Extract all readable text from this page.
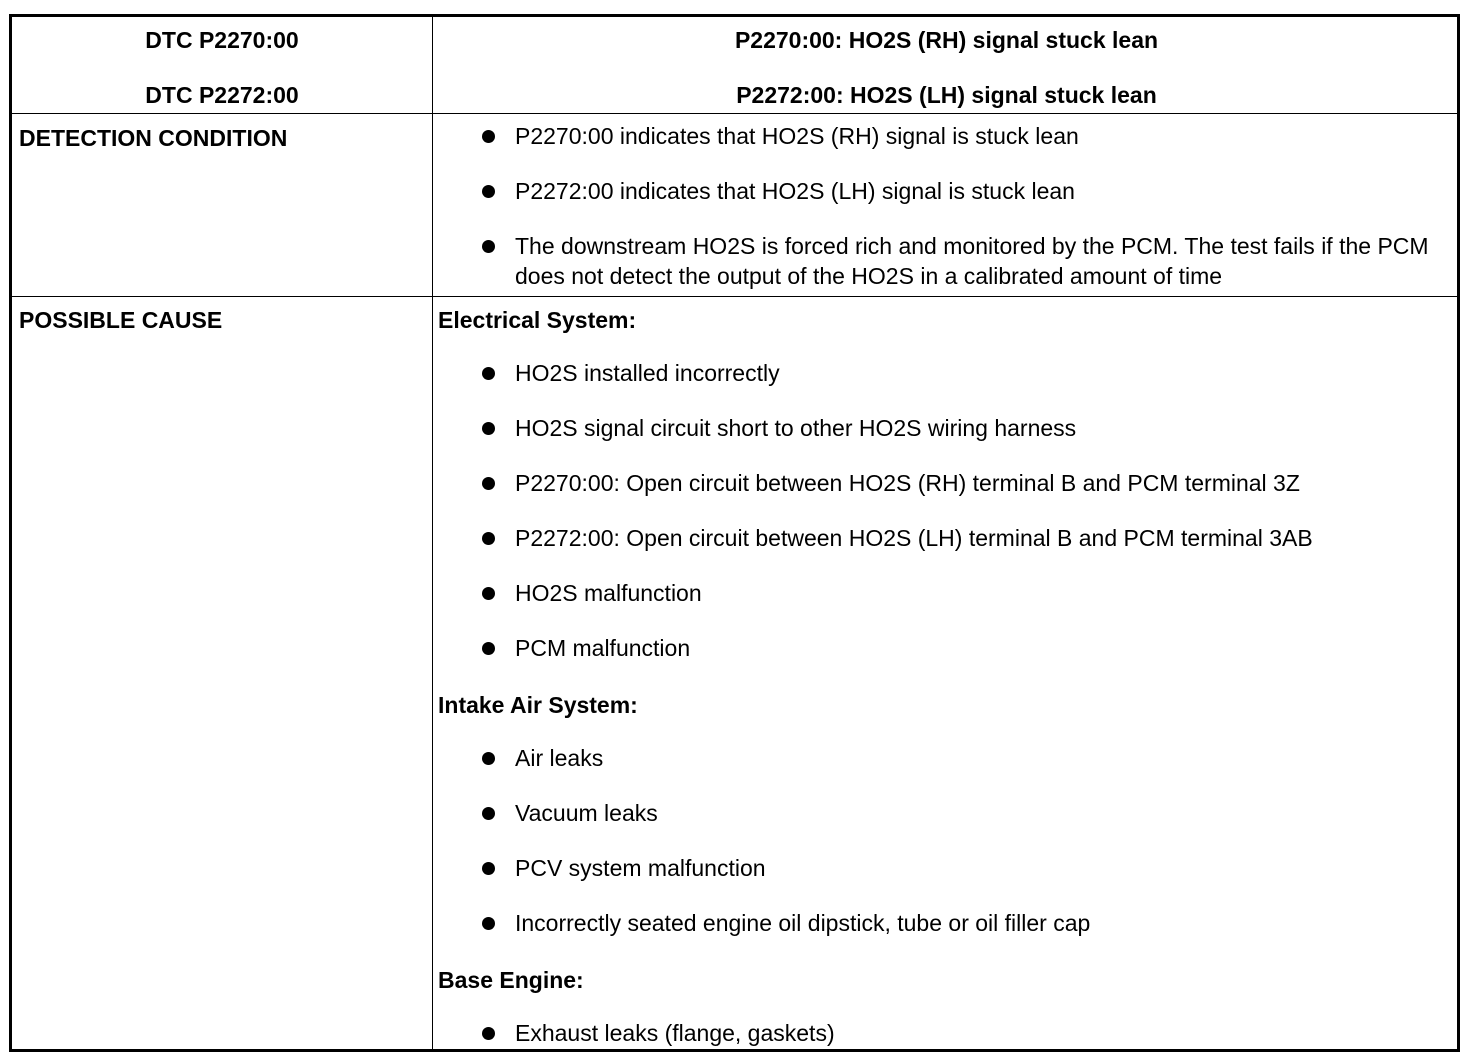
DTC P2270:00
DTC P2272:00
P2270:00: HO2S (RH) signal stuck lean
P2272:00: HO2S (LH) signal stuck lean
DETECTION CONDITION	P2270:00 indicates that HO2S (RH) signal is stuck lean
P2272:00 indicates that HO2S (LH) signal is stuck lean
The downstream HO2S is forced rich and monitored by the PCM. The test fails if the PCM does not detect the output of the HO2S in a calibrated amount of time
POSSIBLE CAUSE	Electrical System:
HO2S installed incorrectly
HO2S signal circuit short to other HO2S wiring harness
P2270:00: Open circuit between HO2S (RH) terminal B and PCM terminal 3Z
P2272:00: Open circuit between HO2S (LH) terminal B and PCM terminal 3AB
HO2S malfunction
PCM malfunction
Intake Air System:
Air leaks
Vacuum leaks
PCV system malfunction
Incorrectly seated engine oil dipstick, tube or oil filler cap
Base Engine:
Exhaust leaks (flange, gaskets)
